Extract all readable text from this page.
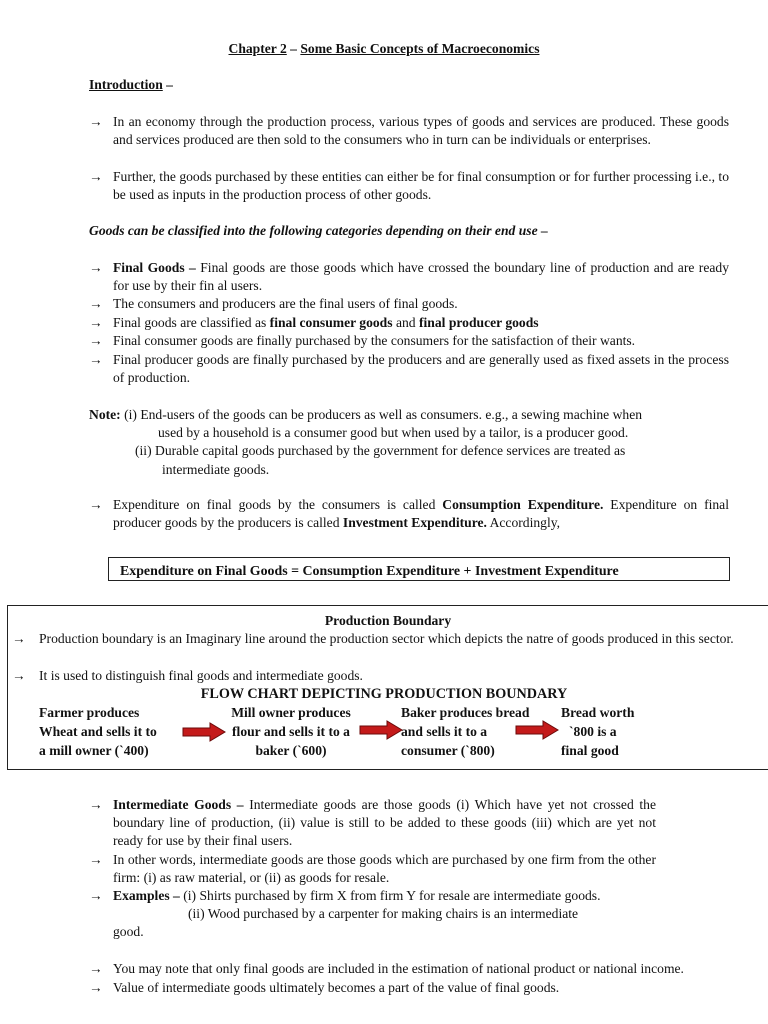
Chapter 2 – Some Basic Concepts of Macroeconomics
Introduction –
→ In an economy through the production process, various types of goods and services are produced. These goods and services produced are then sold to the consumers who in turn can be individuals or enterprises.
→ Further, the goods purchased by these entities can either be for final consumption or for further processing i.e., to be used as inputs in the production process of other goods.
Goods can be classified into the following categories depending on their end use –
→ Final Goods – Final goods are those goods which have crossed the boundary line of production and are ready for use by their fin al users.
→ The consumers and producers are the final users of final goods.
→ Final goods are classified as final consumer goods and final producer goods
→ Final consumer goods are finally purchased by the consumers for the satisfaction of their wants.
→ Final producer goods are finally purchased by the producers and are generally used as fixed assets in the process of production.
Note: (i) End-users of the goods can be producers as well as consumers. e.g., a sewing machine when
used by a household is a consumer good but when used by a tailor, is a producer good.
(ii) Durable capital goods purchased by the government for defence services are treated as
intermediate goods.
→ Expenditure on final goods by the consumers is called Consumption Expenditure. Expenditure on final producer goods by the producers is called Investment Expenditure. Accordingly,
Expenditure on Final Goods = Consumption Expenditure + Investment Expenditure
Production Boundary
→ Production boundary is an Imaginary line around the production sector which depicts the natre of goods produced in this sector.
→ It is used to distinguish final goods and intermediate goods.
FLOW CHART DEPICTING PRODUCTION BOUNDARY
Farmer produces
Wheat and sells it to
a mill owner (`400)
Mill owner produces
flour and sells it to a
baker (`600)
Baker produces bread
and sells it to a
consumer (`800)
Bread worth
`800 is a
final good
→ Intermediate Goods – Intermediate goods are those goods (i) Which have yet not crossed the boundary line of production, (ii) value is still to be added to these goods (iii) which are yet not ready for use by their final users.
→ In other words, intermediate goods are those goods which are purchased by one firm from the other firm: (i) as raw material, or (ii) as goods for resale.
→ Examples – (i) Shirts purchased by firm X from firm Y for resale are intermediate goods.
(ii) Wood purchased by a carpenter for making chairs is an intermediate
good.
→ You may note that only final goods are included in the estimation of national product or national income.
→ Value of intermediate goods ultimately becomes a part of the value of final goods.
